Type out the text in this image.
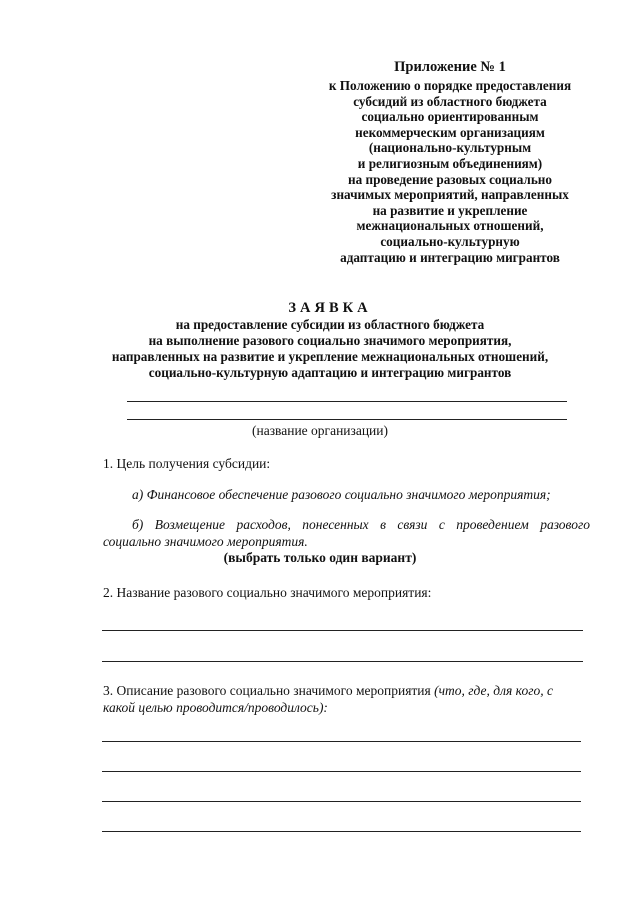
Приложение № 1
к Положению о порядке предоставления
субсидий из областного бюджета
социально ориентированным
некоммерческим организациям
(национально-культурным
и религиозным объединениям)
на проведение разовых социально
значимых мероприятий, направленных
на развитие и укрепление
межнациональных отношений,
социально-культурную
адаптацию и интеграцию мигрантов
ЗАЯВКА
на предоставление субсидии из областного бюджета
на выполнение разового социально значимого мероприятия,
направленных на развитие и укрепление межнациональных отношений,
социально-культурную адаптацию и интеграцию мигрантов
(название организации)
1. Цель получения субсидии:
а) Финансовое обеспечение разового социально значимого мероприятия;
б) Возмещение расходов, понесенных в связи с проведением разового
социально значимого мероприятия.
(выбрать только один вариант)
2. Название разового социально значимого мероприятия:
3. Описание разового социально значимого мероприятия (что, где, для кого, с
какой целью проводится/проводилось):
